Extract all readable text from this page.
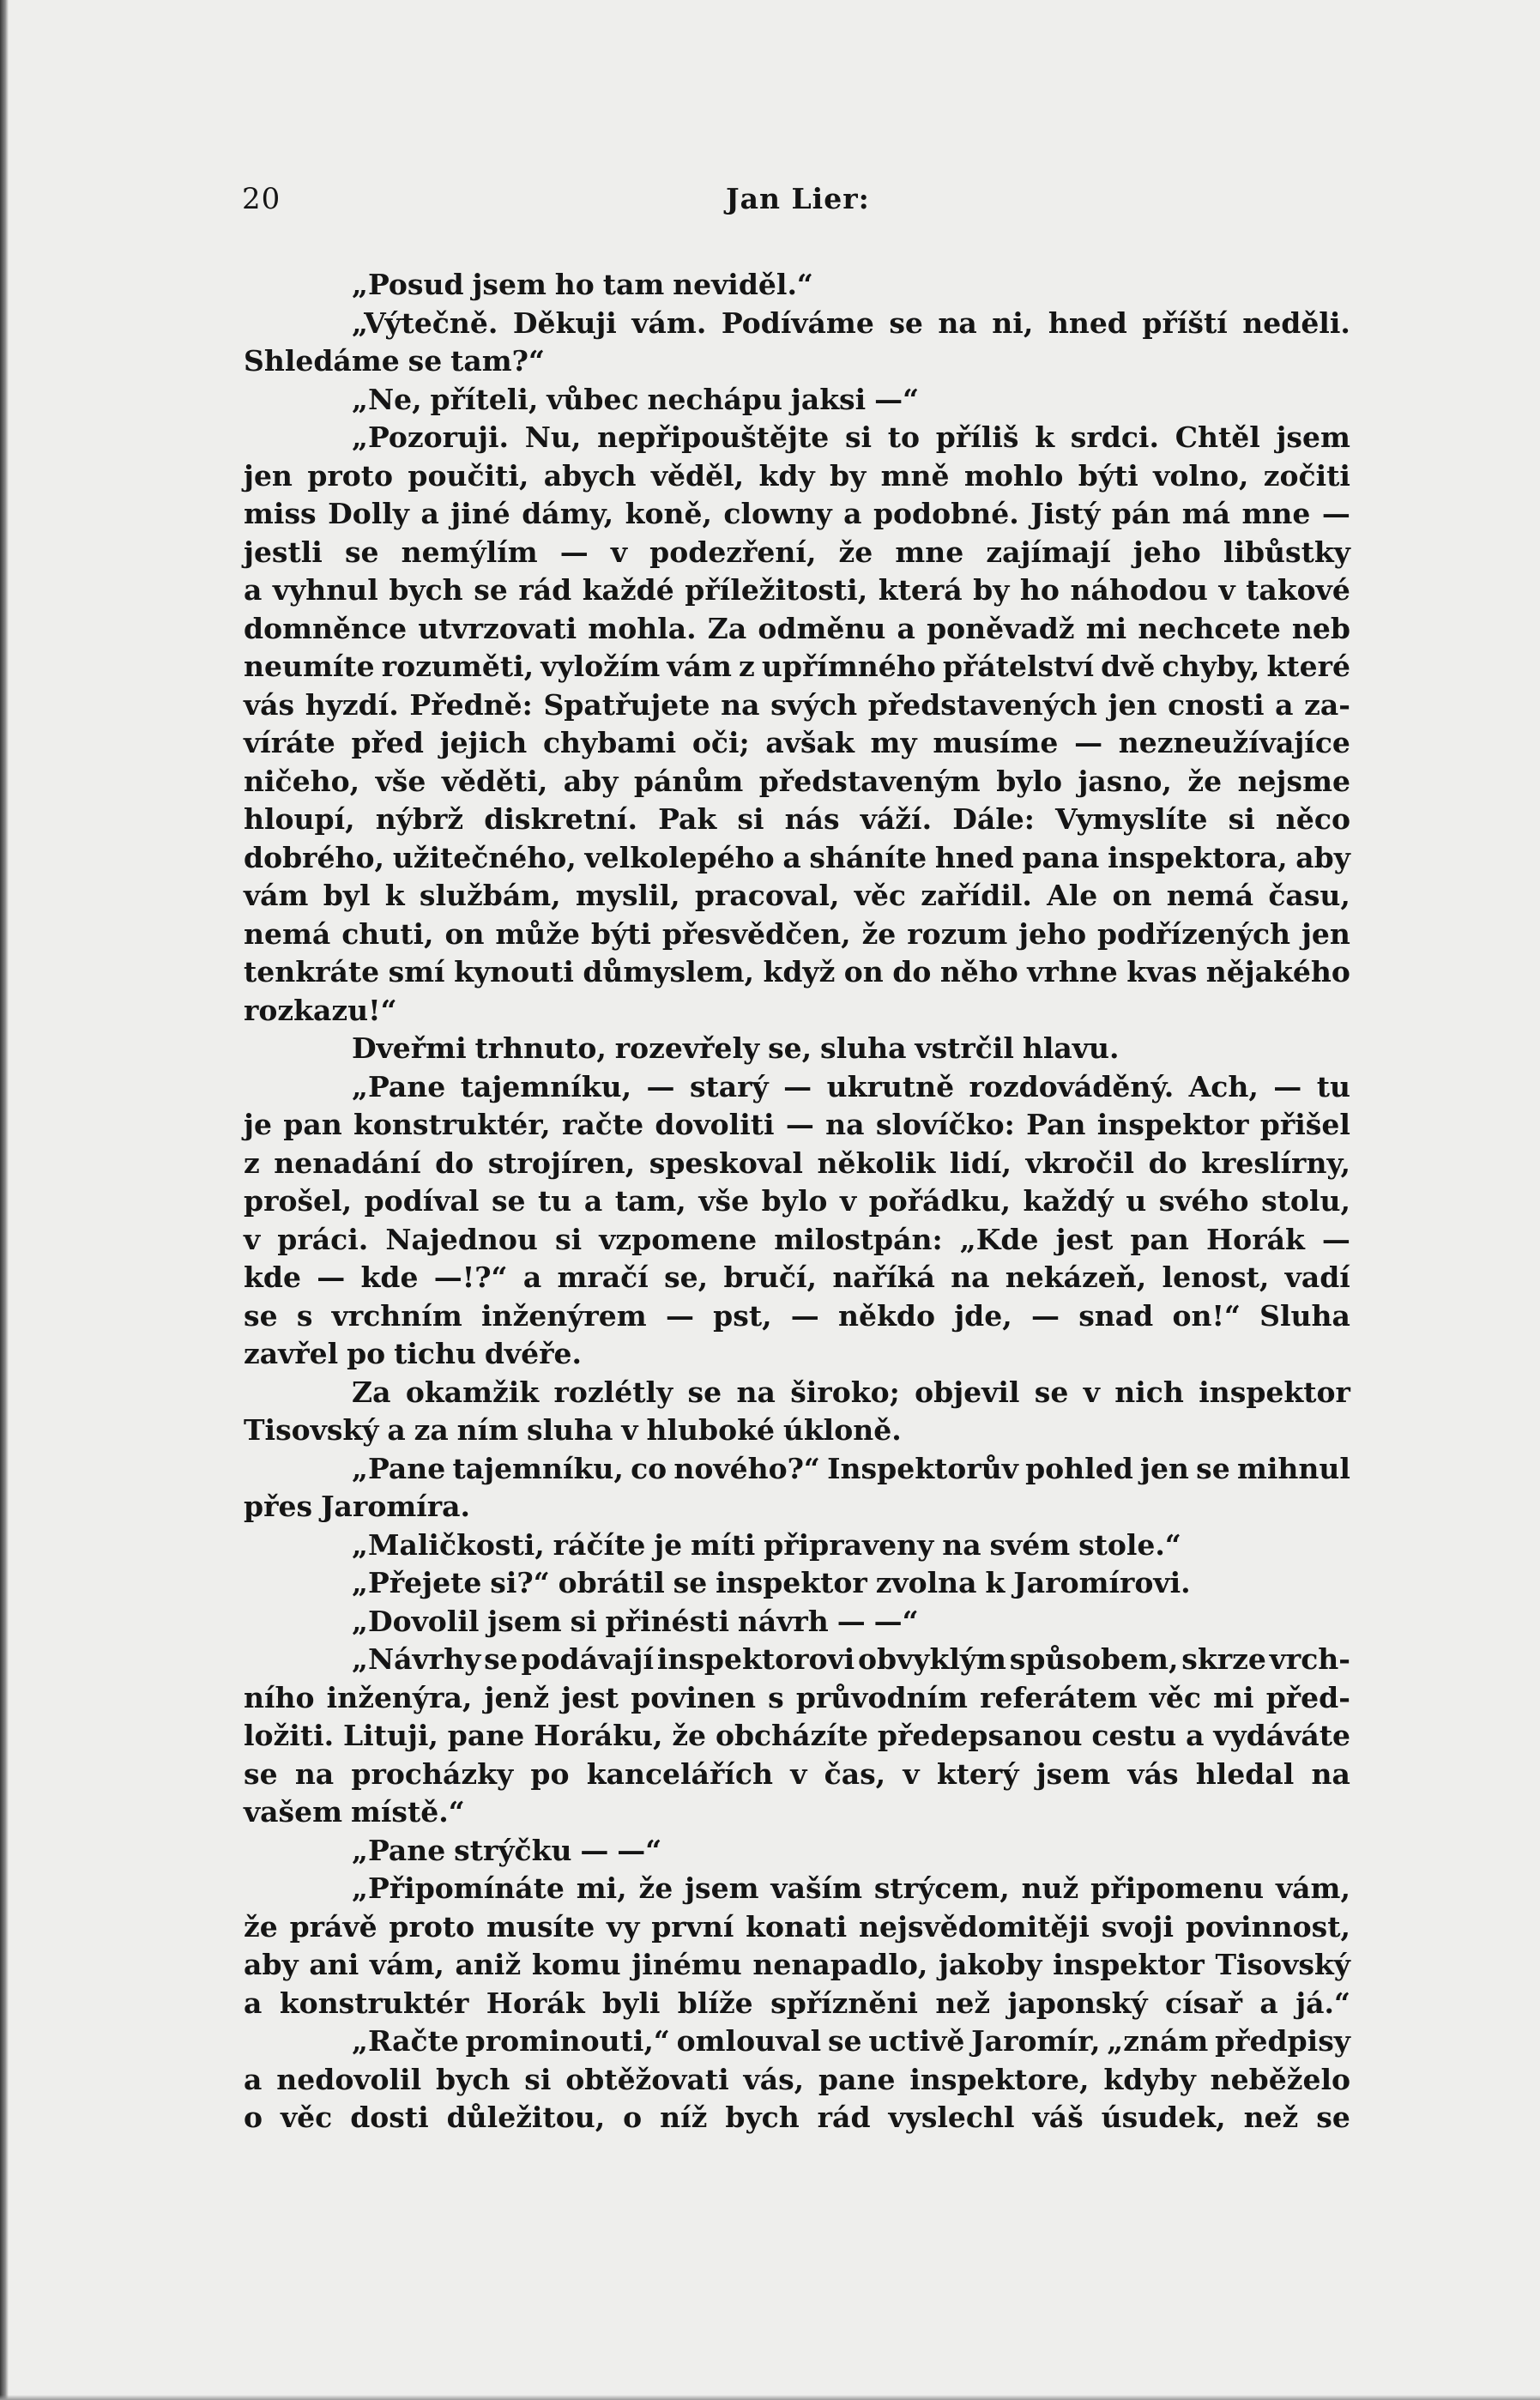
20	Jan Lier:
„Posud jsem ho tam neviděl.“
„Výtečně. Děkuji vám. Podíváme se na ni, hned příští neděli.
Shledáme se tam?“
„Ne, příteli, vůbec nechápu jaksi —“
„Pozoruji. Nu, nepřipouštějte si to příliš k srdci. Chtěl jsem
jen proto poučiti, abych věděl, kdy by mně mohlo býti volno, zočiti
miss Dolly a jiné dámy, koně, clowny a podobné. Jistý pán má mne —
jestli se nemýlím — v podezření, že mne zajímají jeho libůstky
a vyhnul bych se rád každé příležitosti, která by ho náhodou v takové
domněnce utvrzovati mohla. Za odměnu a poněvadž mi nechcete neb
neumíte rozuměti, vyložím vám z upřímného přátelství dvě chyby, které
vás hyzdí. Předně: Spatřujete na svých představených jen cnosti a za-
víráte před jejich chybami oči; avšak my musíme — nezneužívajíce
ničeho, vše věděti, aby pánům představeným bylo jasno, že nejsme
hloupí, nýbrž diskretní. Pak si nás váží. Dále: Vymyslíte si něco
dobrého, užitečného, velkolepého a sháníte hned pana inspektora, aby
vám byl k službám, myslil, pracoval, věc zařídil. Ale on nemá času,
nemá chuti, on může býti přesvědčen, že rozum jeho podřízených jen
tenkráte smí kynouti důmyslem, když on do něho vrhne kvas nějakého
rozkazu!“
Dveřmi trhnuto, rozevřely se, sluha vstrčil hlavu.
„Pane tajemníku, — starý — ukrutně rozdováděný. Ach, — tu
je pan konstruktér, račte dovoliti — na slovíčko: Pan inspektor přišel
z nenadání do strojíren, speskoval několik lidí, vkročil do kreslírny,
prošel, podíval se tu a tam, vše bylo v pořádku, každý u svého stolu,
v práci. Najednou si vzpomene milostpán: „Kde jest pan Horák —
kde — kde —!?“ a mračí se, bručí, naříká na nekázeň, lenost, vadí
se s vrchním inženýrem — pst, — někdo jde, — snad on!“ Sluha
zavřel po tichu dvéře.
Za okamžik rozlétly se na široko; objevil se v nich inspektor
Tisovský a za ním sluha v hluboké úkloně.
„Pane tajemníku, co nového?“ Inspektorův pohled jen se mihnul
přes Jaromíra.
„Maličkosti, ráčíte je míti připraveny na svém stole.“
„Přejete si?“ obrátil se inspektor zvolna k Jaromírovi.
„Dovolil jsem si přinésti návrh — —“
„Návrhy se podávají inspektorovi obvyklým spůsobem, skrze vrch-
ního inženýra, jenž jest povinen s průvodním referátem věc mi před-
ložiti. Lituji, pane Horáku, že obcházíte předepsanou cestu a vydáváte
se na procházky po kancelářích v čas, v který jsem vás hledal na
vašem místě.“
„Pane strýčku — —“
„Připomínáte mi, že jsem vaším strýcem, nuž připomenu vám,
že právě proto musíte vy první konati nejsvědomitěji svoji povinnost,
aby ani vám, aniž komu jinému nenapadlo, jakoby inspektor Tisovský
a konstruktér Horák byli blíže spřízněni než japonský císař a já.“
„Račte prominouti,“ omlouval se uctivě Jaromír, „znám předpisy
a nedovolil bych si obtěžovati vás, pane inspektore, kdyby neběželo
o věc dosti důležitou, o níž bych rád vyslechl váš úsudek, než se
